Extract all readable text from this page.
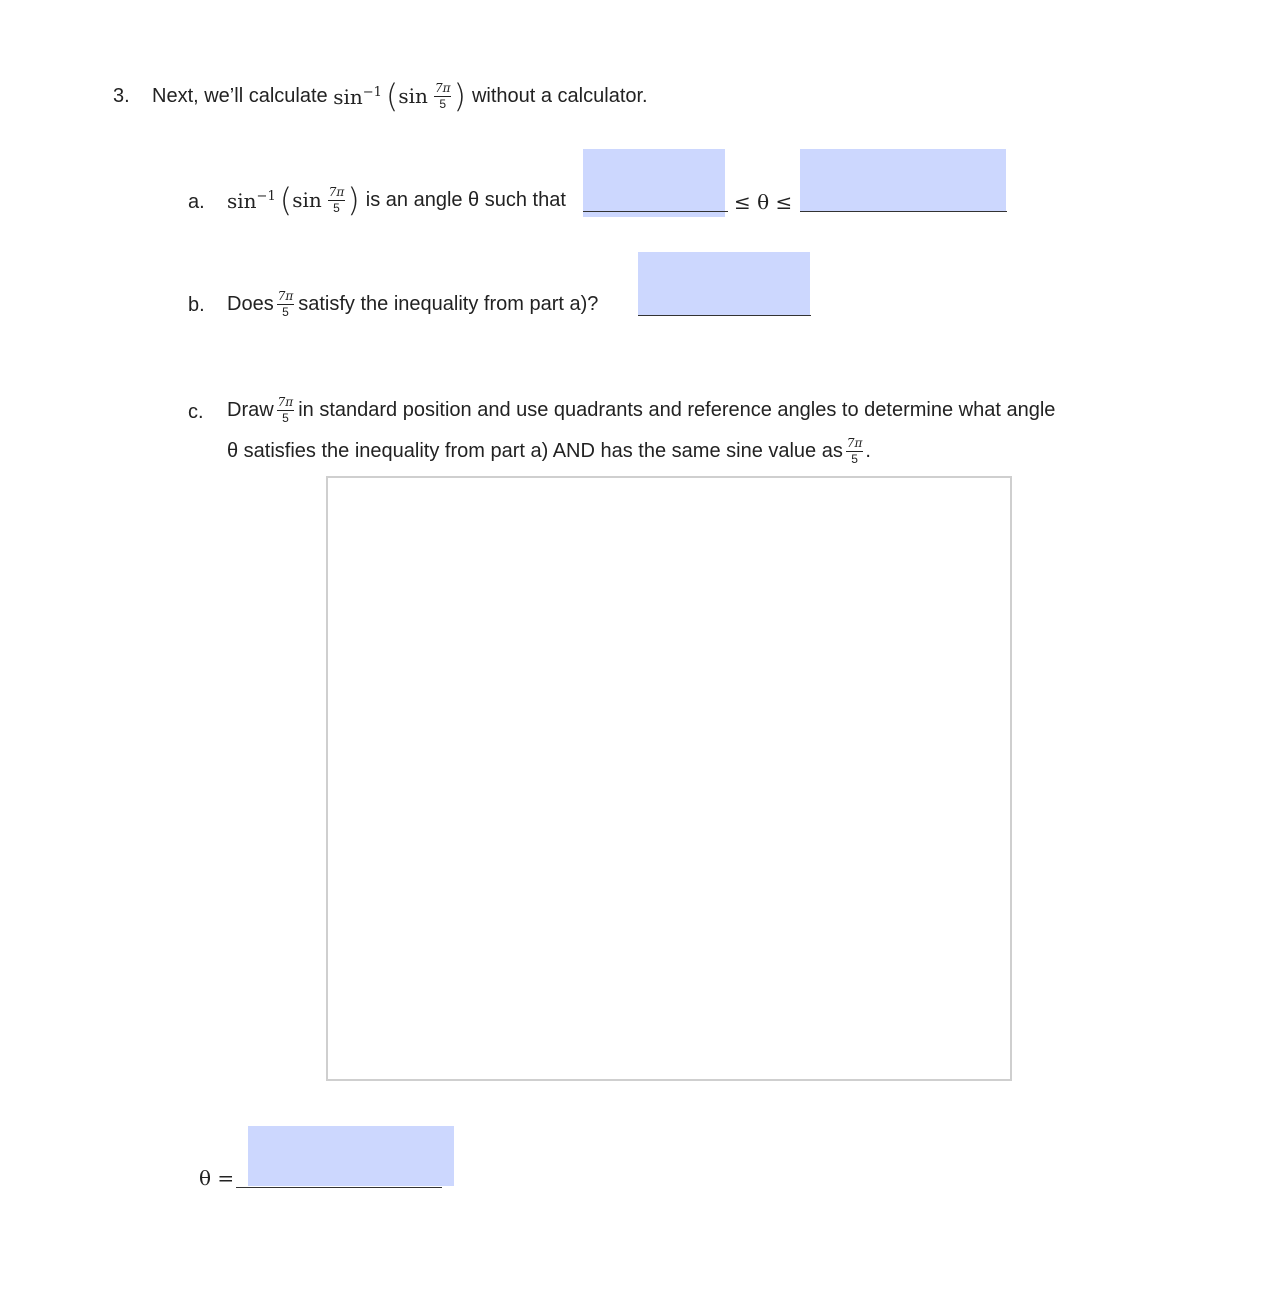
3. Next, we’ll calculate
$\sin^{-1}$ ( $\sin \frac{7\pi}{5}$ ) without a calculator.
a. $\sin^{-1}$ ( $\sin \frac{7\pi}{5}$ ) is an angle θ such that	≤ θ ≤
b. Does $\frac{7\pi}{5}$ satisfy the inequality from part a)?
c. Draw $\frac{7\pi}{5}$ in standard position and use quadrants and reference angles to determine what angle
θ satisfies the inequality from part a) AND has the same sine value as $\frac{7\pi}{5}$ .
θ =
